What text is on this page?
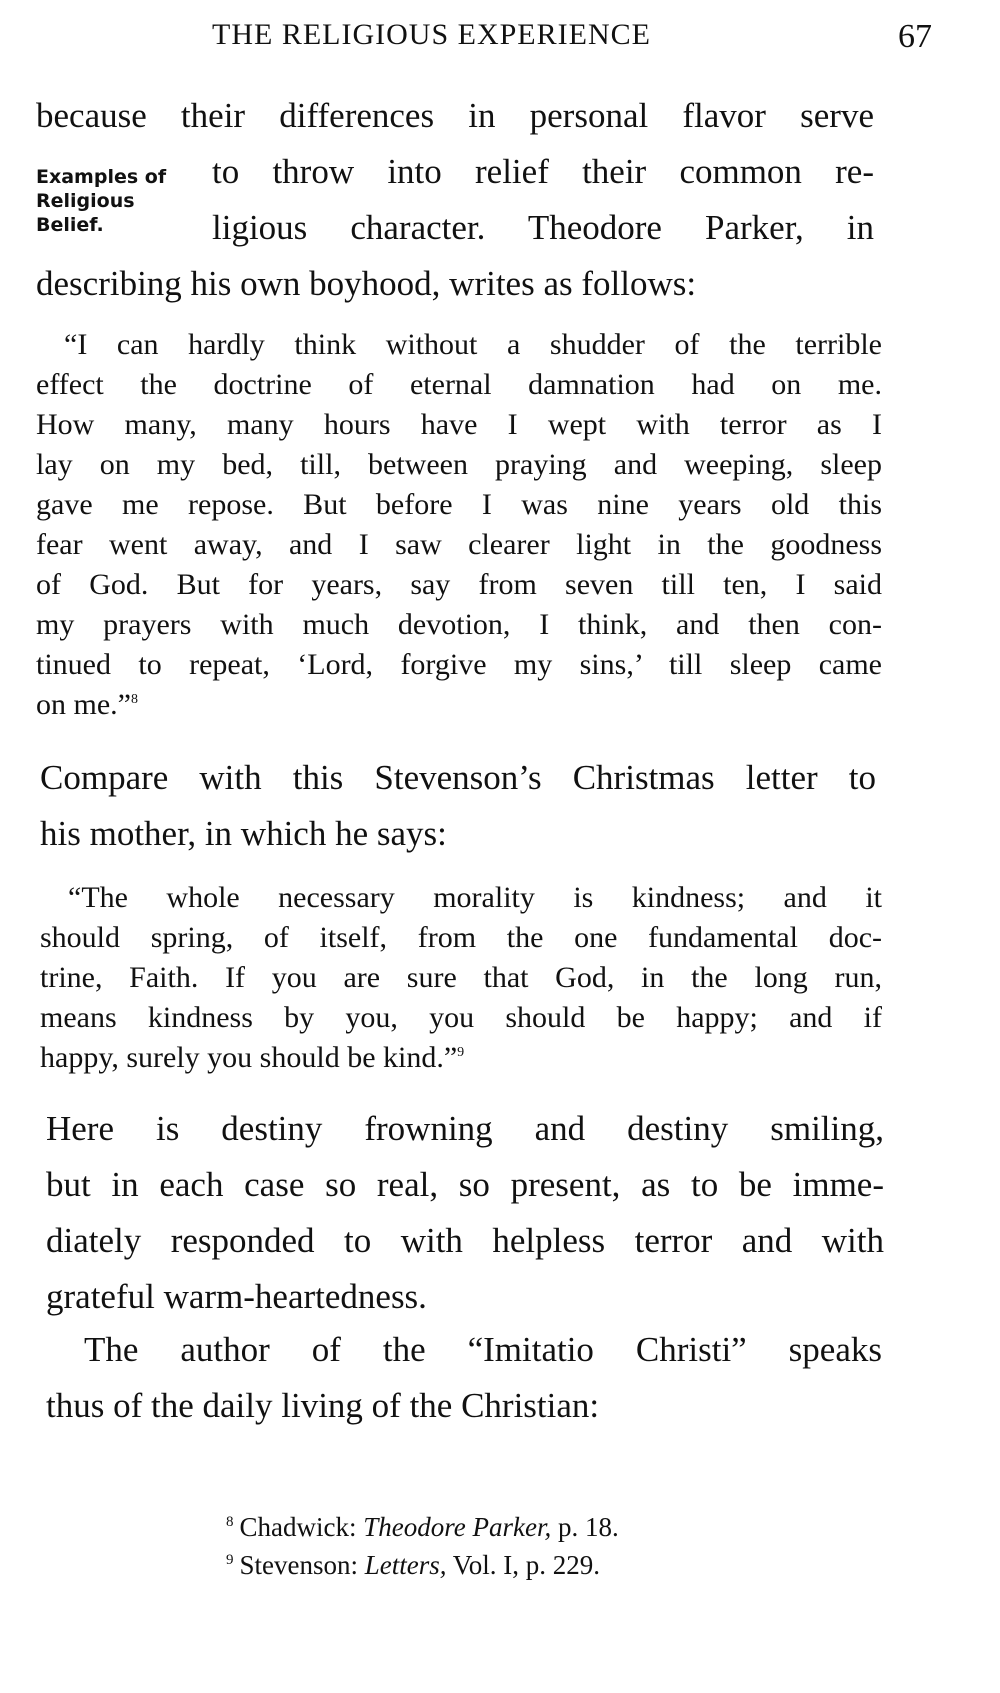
THE RELIGIOUS EXPERIENCE	67
because their differences in personal flavor serve
to throw into relief their common re-
ligious character. Theodore Parker, in
describing his own boyhood, writes as follows:
Examples of Religious Belief.
“I can hardly think without a shudder of the terrible
effect the doctrine of eternal damnation had on me.
How many, many hours have I wept with terror as I
lay on my bed, till, between praying and weeping, sleep
gave me repose. But before I was nine years old this
fear went away, and I saw clearer light in the goodness
of God. But for years, say from seven till ten, I said
my prayers with much devotion, I think, and then con-
tinued to repeat, ‘Lord, forgive my sins,’ till sleep came
on me.”$^8$
Compare with this Stevenson’s Christmas letter to
his mother, in which he says:
“The whole necessary morality is kindness; and it
should spring, of itself, from the one fundamental doc-
trine, Faith. If you are sure that God, in the long run,
means kindness by you, you should be happy; and if
happy, surely you should be kind.”$^9$
Here is destiny frowning and destiny smiling,
but in each case so real, so present, as to be imme-
diately responded to with helpless terror and with
grateful warm-heartedness.
The author of the “Imitatio Christi” speaks
thus of the daily living of the Christian:
$^8$ Chadwick: Theodore Parker, p. 18.
$^9$ Stevenson: Letters, Vol. I, p. 229.
